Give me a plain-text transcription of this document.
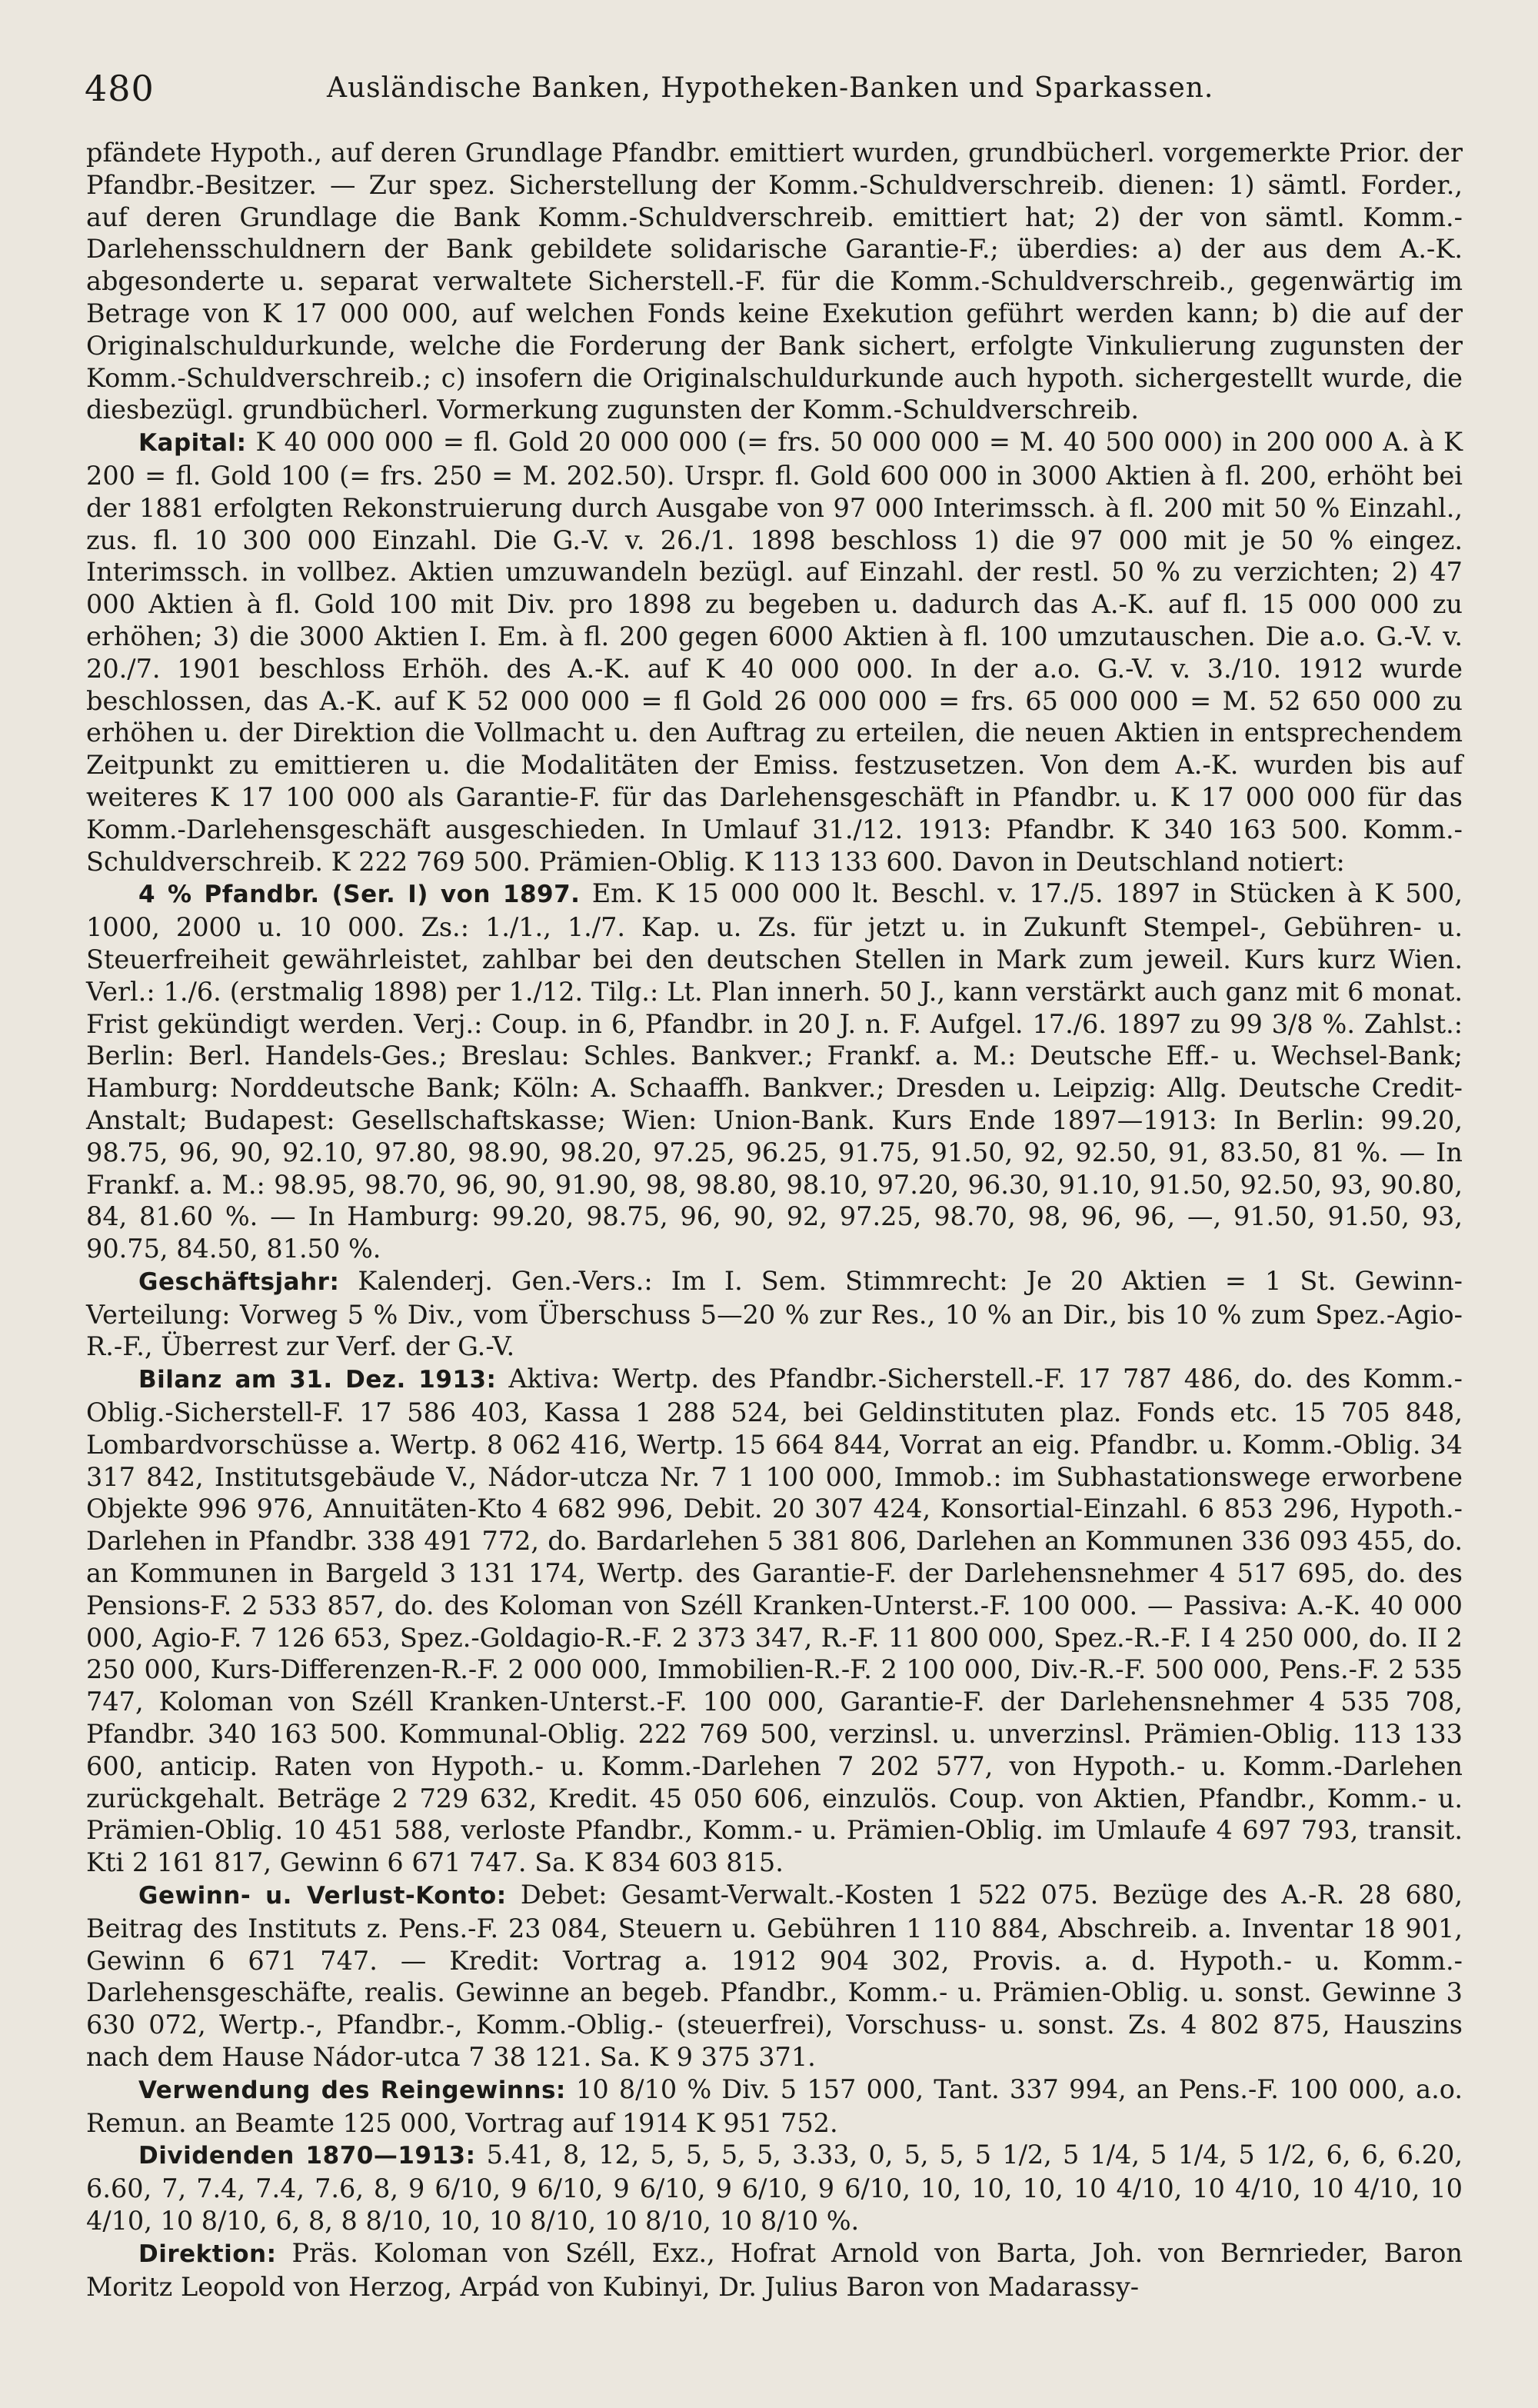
480	Ausländische Banken, Hypotheken-Banken und Sparkassen.

pfändete Hypoth., auf deren Grundlage Pfandbr. emittiert wurden, grundbücherl. vorgemerkte Prior. der Pfandbr.-Besitzer. — Zur spez. Sicherstellung der Komm.-Schuldverschreib. dienen: 1) sämtl. Forder., auf deren Grundlage die Bank Komm.-Schuldverschreib. emittiert hat; 2) der von sämtl. Komm.-Darlehensschuldnern der Bank gebildete solidarische Garantie-F.; überdies: a) der aus dem A.-K. abgesonderte u. separat verwaltete Sicherstell.-F. für die Komm.-Schuldverschreib., gegenwärtig im Betrage von K 17 000 000, auf welchen Fonds keine Exekution geführt werden kann; b) die auf der Originalschuldurkunde, welche die Forderung der Bank sichert, erfolgte Vinkulierung zugunsten der Komm.-Schuldverschreib.; c) insofern die Originalschuldurkunde auch hypoth. sichergestellt wurde, die diesbezügl. grundbücherl. Vormerkung zugunsten der Komm.-Schuldverschreib.

Kapital: K 40 000 000 = fl. Gold 20 000 000 (= frs. 50 000 000 = M. 40 500 000) in 200 000 A. à K 200 = fl. Gold 100 (= frs. 250 = M. 202.50). Urspr. fl. Gold 600 000 in 3000 Aktien à fl. 200, erhöht bei der 1881 erfolgten Rekonstruierung durch Ausgabe von 97 000 Interimssch. à fl. 200 mit 50 % Einzahl., zus. fl. 10 300 000 Einzahl. Die G.-V. v. 26./1. 1898 beschloss 1) die 97 000 mit je 50 % eingez. Interimssch. in vollbez. Aktien umzuwandeln bezügl. auf Einzahl. der restl. 50 % zu verzichten; 2) 47 000 Aktien à fl. Gold 100 mit Div. pro 1898 zu begeben u. dadurch das A.-K. auf fl. 15 000 000 zu erhöhen; 3) die 3000 Aktien I. Em. à fl. 200 gegen 6000 Aktien à fl. 100 umzutauschen. Die a.o. G.-V. v. 20./7. 1901 beschloss Erhöh. des A.-K. auf K 40 000 000. In der a.o. G.-V. v. 3./10. 1912 wurde beschlossen, das A.-K. auf K 52 000 000 = fl Gold 26 000 000 = frs. 65 000 000 = M. 52 650 000 zu erhöhen u. der Direktion die Vollmacht u. den Auftrag zu erteilen, die neuen Aktien in entsprechendem Zeitpunkt zu emittieren u. die Modalitäten der Emiss. festzusetzen. Von dem A.-K. wurden bis auf weiteres K 17 100 000 als Garantie-F. für das Darlehensgeschäft in Pfandbr. u. K 17 000 000 für das Komm.-Darlehensgeschäft ausgeschieden. In Umlauf 31./12. 1913: Pfandbr. K 340 163 500. Komm.-Schuldverschreib. K 222 769 500. Prämien-Oblig. K 113 133 600. Davon in Deutschland notiert:

4 % Pfandbr. (Ser. I) von 1897. Em. K 15 000 000 lt. Beschl. v. 17./5. 1897 in Stücken à K 500, 1000, 2000 u. 10 000. Zs.: 1./1., 1./7. Kap. u. Zs. für jetzt u. in Zukunft Stempel-, Gebühren- u. Steuerfreiheit gewährleistet, zahlbar bei den deutschen Stellen in Mark zum jeweil. Kurs kurz Wien. Verl.: 1./6. (erstmalig 1898) per 1./12. Tilg.: Lt. Plan innerh. 50 J., kann verstärkt auch ganz mit 6 monat. Frist gekündigt werden. Verj.: Coup. in 6, Pfandbr. in 20 J. n. F. Aufgel. 17./6. 1897 zu 99 3/8 %. Zahlst.: Berlin: Berl. Handels-Ges.; Breslau: Schles. Bankver.; Frankf. a. M.: Deutsche Eff.- u. Wechsel-Bank; Hamburg: Norddeutsche Bank; Köln: A. Schaaffh. Bankver.; Dresden u. Leipzig: Allg. Deutsche Credit-Anstalt; Budapest: Gesellschaftskasse; Wien: Union-Bank. Kurs Ende 1897—1913: In Berlin: 99.20, 98.75, 96, 90, 92.10, 97.80, 98.90, 98.20, 97.25, 96.25, 91.75, 91.50, 92, 92.50, 91, 83.50, 81 %. — In Frankf. a. M.: 98.95, 98.70, 96, 90, 91.90, 98, 98.80, 98.10, 97.20, 96.30, 91.10, 91.50, 92.50, 93, 90.80, 84, 81.60 %. — In Hamburg: 99.20, 98.75, 96, 90, 92, 97.25, 98.70, 98, 96, 96, —, 91.50, 91.50, 93, 90.75, 84.50, 81.50 %.

Geschäftsjahr: Kalenderj. Gen.-Vers.: Im I. Sem. Stimmrecht: Je 20 Aktien = 1 St. Gewinn-Verteilung: Vorweg 5 % Div., vom Überschuss 5—20 % zur Res., 10 % an Dir., bis 10 % zum Spez.-Agio-R.-F., Überrest zur Verf. der G.-V.

Bilanz am 31. Dez. 1913: Aktiva: Wertp. des Pfandbr.-Sicherstell.-F. 17 787 486, do. des Komm.-Oblig.-Sicherstell-F. 17 586 403, Kassa 1 288 524, bei Geldinstituten plaz. Fonds etc. 15 705 848, Lombardvorschüsse a. Wertp. 8 062 416, Wertp. 15 664 844, Vorrat an eig. Pfandbr. u. Komm.-Oblig. 34 317 842, Institutsgebäude V., Nádor-utcza Nr. 7 1 100 000, Immob.: im Subhastationswege erworbene Objekte 996 976, Annuitäten-Kto 4 682 996, Debit. 20 307 424, Konsortial-Einzahl. 6 853 296, Hypoth.-Darlehen in Pfandbr. 338 491 772, do. Bardarlehen 5 381 806, Darlehen an Kommunen 336 093 455, do. an Kommunen in Bargeld 3 131 174, Wertp. des Garantie-F. der Darlehensnehmer 4 517 695, do. des Pensions-F. 2 533 857, do. des Koloman von Széll Kranken-Unterst.-F. 100 000. — Passiva: A.-K. 40 000 000, Agio-F. 7 126 653, Spez.-Goldagio-R.-F. 2 373 347, R.-F. 11 800 000, Spez.-R.-F. I 4 250 000, do. II 2 250 000, Kurs-Differenzen-R.-F. 2 000 000, Immobilien-R.-F. 2 100 000, Div.-R.-F. 500 000, Pens.-F. 2 535 747, Koloman von Széll Kranken-Unterst.-F. 100 000, Garantie-F. der Darlehensnehmer 4 535 708, Pfandbr. 340 163 500. Kommunal-Oblig. 222 769 500, verzinsl. u. unverzinsl. Prämien-Oblig. 113 133 600, anticip. Raten von Hypoth.- u. Komm.-Darlehen 7 202 577, von Hypoth.- u. Komm.-Darlehen zurückgehalt. Beträge 2 729 632, Kredit. 45 050 606, einzulös. Coup. von Aktien, Pfandbr., Komm.- u. Prämien-Oblig. 10 451 588, verloste Pfandbr., Komm.- u. Prämien-Oblig. im Umlaufe 4 697 793, transit. Kti 2 161 817, Gewinn 6 671 747. Sa. K 834 603 815.

Gewinn- u. Verlust-Konto: Debet: Gesamt-Verwalt.-Kosten 1 522 075. Bezüge des A.-R. 28 680, Beitrag des Instituts z. Pens.-F. 23 084, Steuern u. Gebühren 1 110 884, Abschreib. a. Inventar 18 901, Gewinn 6 671 747. — Kredit: Vortrag a. 1912 904 302, Provis. a. d. Hypoth.- u. Komm.-Darlehensgeschäfte, realis. Gewinne an begeb. Pfandbr., Komm.- u. Prämien-Oblig. u. sonst. Gewinne 3 630 072, Wertp.-, Pfandbr.-, Komm.-Oblig.- (steuerfrei), Vorschuss- u. sonst. Zs. 4 802 875, Hauszins nach dem Hause Nádor-utca 7 38 121. Sa. K 9 375 371.

Verwendung des Reingewinns: 10 8/10 % Div. 5 157 000, Tant. 337 994, an Pens.-F. 100 000, a.o. Remun. an Beamte 125 000, Vortrag auf 1914 K 951 752.

Dividenden 1870—1913: 5.41, 8, 12, 5, 5, 5, 5, 3.33, 0, 5, 5, 5 1/2, 5 1/4, 5 1/4, 5 1/2, 6, 6, 6.20, 6.60, 7, 7.4, 7.4, 7.6, 8, 9 6/10, 9 6/10, 9 6/10, 9 6/10, 9 6/10, 10, 10, 10, 10 4/10, 10 4/10, 10 4/10, 10 4/10, 10 8/10, 6, 8, 8 8/10, 10, 10 8/10, 10 8/10, 10 8/10 %.

Direktion: Präs. Koloman von Széll, Exz., Hofrat Arnold von Barta, Joh. von Bernrieder, Baron Moritz Leopold von Herzog, Arpád von Kubinyi, Dr. Julius Baron von Madarassy-
